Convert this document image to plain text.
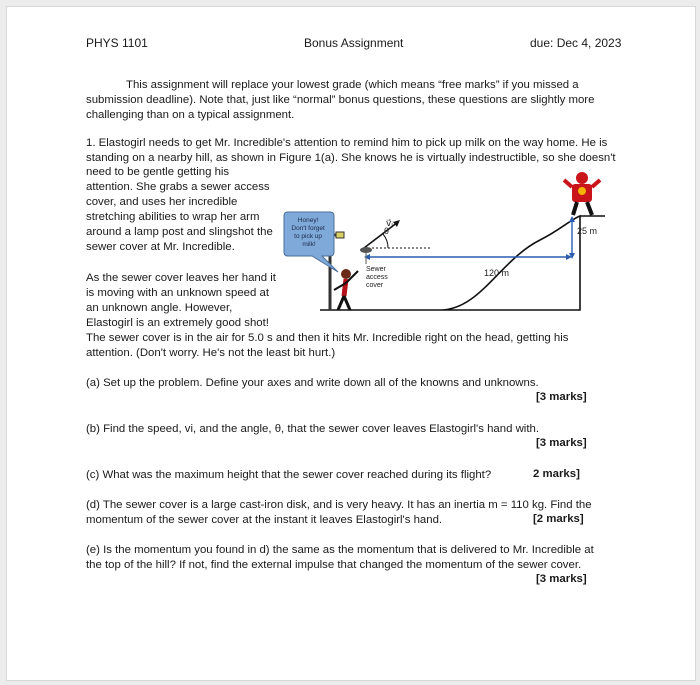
PHYS 1101	Bonus Assignment	due: Dec 4, 2023
This assignment will replace your lowest grade (which means “free marks” if you missed a
submission deadline). Note that, just like “normal” bonus questions, these questions are slightly more
challenging than on a typical assignment.
1. Elastogirl needs to get Mr. Incredible's attention to remind him to pick up milk on the way home. He is
standing on a nearby hill, as shown in Figure 1(a). She knows he is virtually indestructible, so she doesn't
need to be gentle getting his
attention. She grabs a sewer access
cover, and uses her incredible
stretching abilities to wrap her arm
around a lamp post and slingshot the
sewer cover at Mr. Incredible.
As the sewer cover leaves her hand it
is moving with an unknown speed at
an unknown angle. However,
Elastogirl is an extremely good shot!
The sewer cover is in the air for 5.0 s and then it hits Mr. Incredible right on the head, getting his
attention. (Don't worry. He's not the least bit hurt.)
25 m
120 m
θ
v⃗ᵢ
Sewer access cover
Honey! Don't forget to pick up milk!
(a) Set up the problem. Define your axes and write down all of the knowns and unknowns.
[3 marks]
(b) Find the speed, vi, and the angle, θ, that the sewer cover leaves Elastogirl's hand with.
[3 marks]
(c) What was the maximum height that the sewer cover reached during its flight?	2 marks]
(d) The sewer cover is a large cast-iron disk, and is very heavy. It has an inertia m = 110 kg. Find the
momentum of the sewer cover at the instant it leaves Elastogirl's hand.	[2 marks]
(e) Is the momentum you found in d) the same as the momentum that is delivered to Mr. Incredible at
the top of the hill? If not, find the external impulse that changed the momentum of the sewer cover.
[3 marks]
